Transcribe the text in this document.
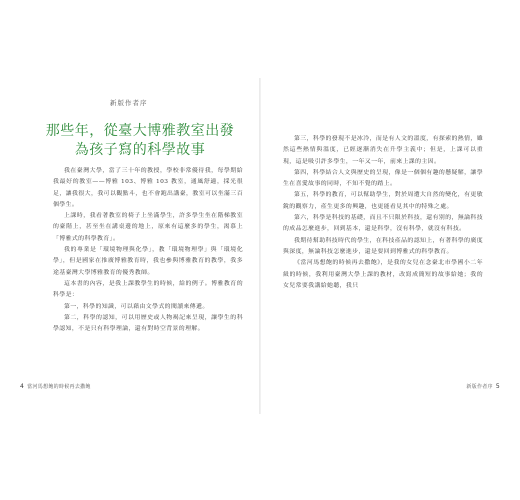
新版作者序
那些年，從臺大博雅教室出發
為孩子寫的科學故事

我在臺灣大學，當了三十年的教授，學校非常優待我，每學期給我最好的教室——博雅 103、博雅 103 教室，通風舒適，採光很足，讓我很大，我可以觀點斗，也不會跑出講臺，教室可以坐滿三百個學生。

上課時，我看著教室的椅子上坐滿學生，許多學生坐在階梯教室的臺階上，甚至坐在講桌邊的地上，原來有這麼多的學生，渴慕上「博雅式的科學教育」。

我的專業是「環境物理與化學」，教「環境物理學」與「環境化學」，但是國家在推廣博雅教育時，我也參與博雅教育的教學，我多途基臺灣大學博雅教育的優秀教師。

這本書的內容，是我上課教學生的時候，給的例子。博雅教育的科學是：

第一，科學的知識，可以藉由文學式的閱讀來傳遞。

第二，科學的認知，可以用歷史或人物褐記來呈現，讓學生的科學認知，不是只有科學理論，還有對時空背景的理解。

4 當河馬想飽的時候再去撒飽

第三，科學的發現不是冰冷，而是有人文的溫度，有探索的熱情，雖然這些熱情與溫度，已經逐漸消失在升學主義中；但是，上課可以重現，這是吸引許多學生，一年又一年，前來上課的主因。

第四，科學結合人文與歷史的呈現，像是一個個有趣的懸疑解，讓學生在喜愛故事的同時，不知不覺的踏上。

第五，科學的教育，可以幫助學生，對於周遭大自然的變化，有更敏銳的觀察力，產生更多的興趣，也更能看見其中的特殊之處。

第六，科學是科技的基礎，而且不只限於科技，還有別的，無論科技的成品怎麼進步，回到基本，還是科學，沒有科學，就沒有科技。

我期待幫助科技時代的學生，在科技產品的認知上，有著科學的廣度與深度，無論科技怎麼進步，還是要回到博雅式的科學教育。

《當河馬想飽的時候再去撒飽》，是我的女兒在念臺北市學國小二年級的時候，我利用臺灣大學上課的教材，改寫成簡短的故事給她；我的女兒常要我講給她聽，我只

新版作者序 5
